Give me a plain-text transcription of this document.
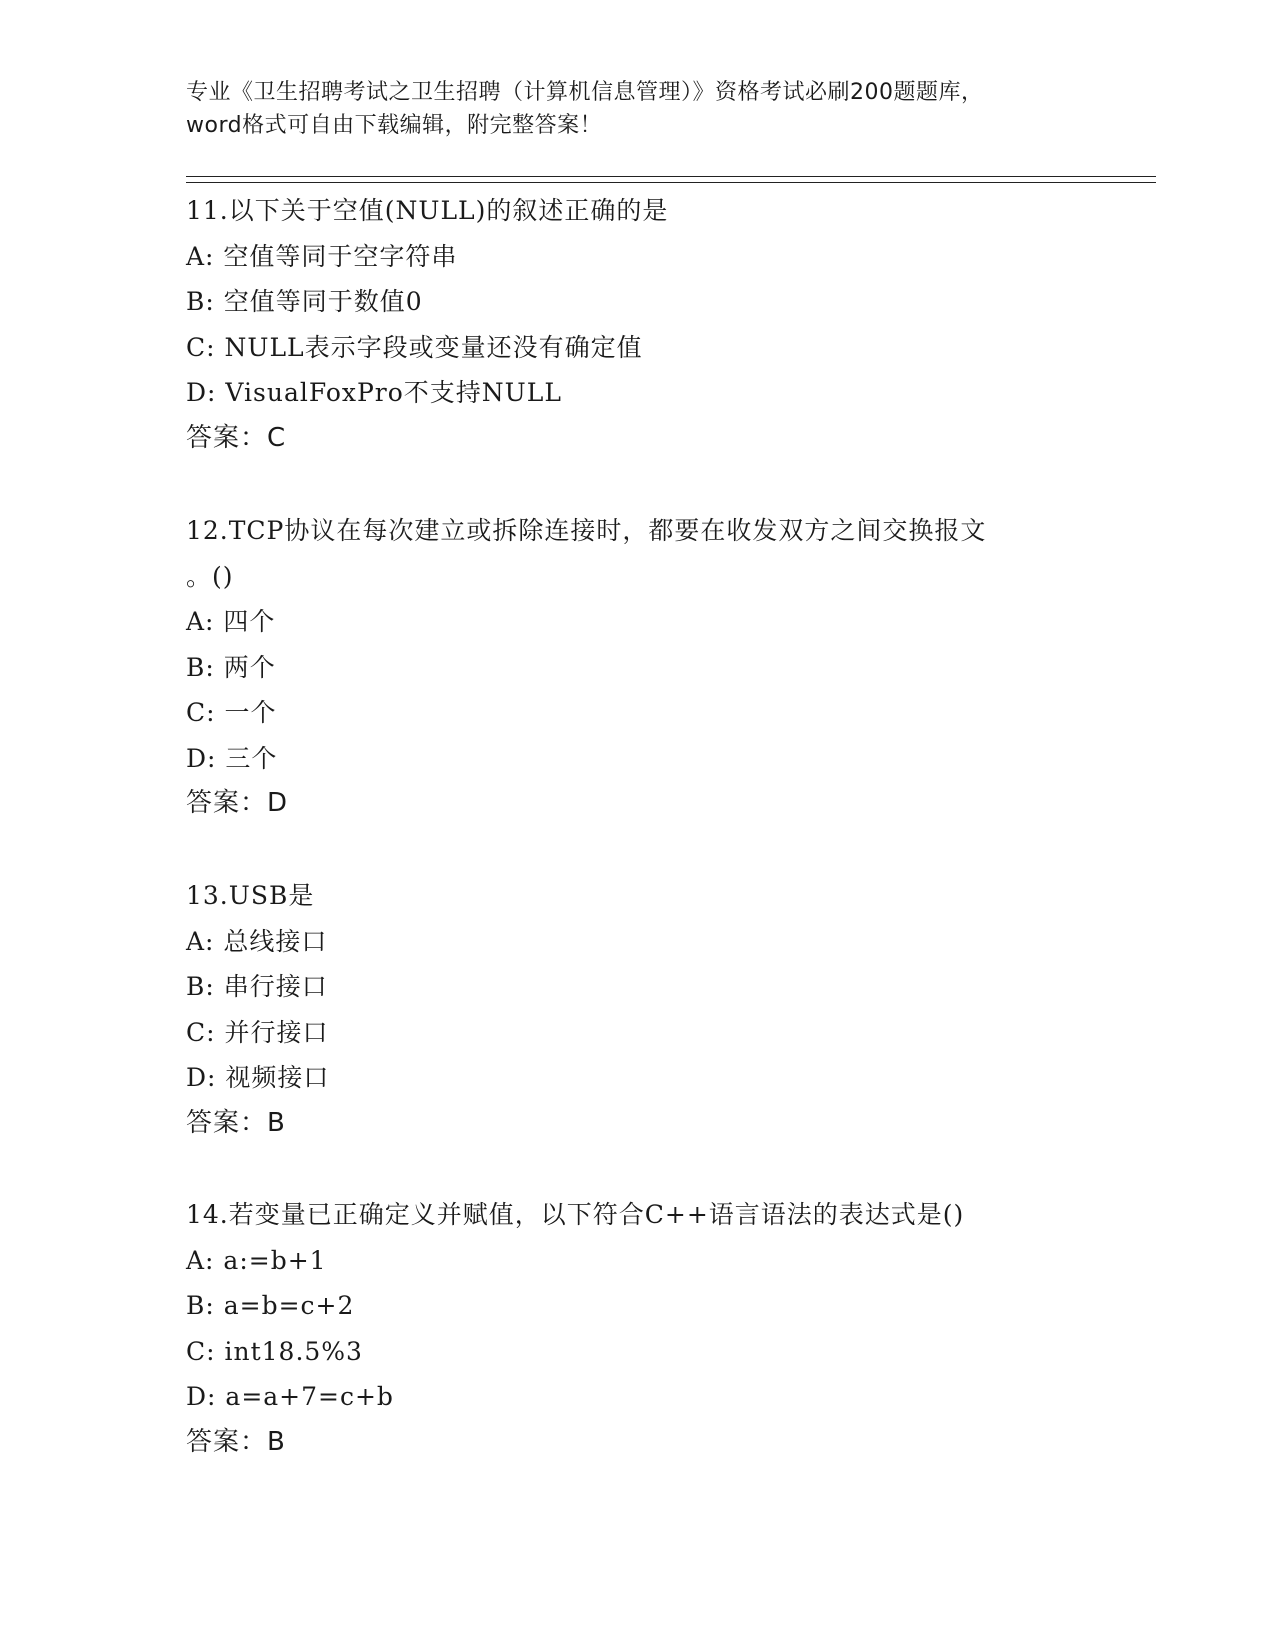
专业《卫生招聘考试之卫生招聘（计算机信息管理）》资格考试必刷200题题库，
word格式可自由下载编辑，附完整答案！
11.以下关于空值(NULL)的叙述正确的是
A: 空值等同于空字符串
B: 空值等同于数值0
C: NULL表示字段或变量还没有确定值
D: VisualFoxPro不支持NULL
答案：C
12.TCP协议在每次建立或拆除连接时，都要在收发双方之间交换报文
。()
A: 四个
B: 两个
C: 一个
D: 三个
答案：D
13.USB是
A: 总线接口
B: 串行接口
C: 并行接口
D: 视频接口
答案：B
14.若变量已正确定义并赋值，以下符合C++语言语法的表达式是()
A: a:=b+1
B: a=b=c+2
C: int18.5%3
D: a=a+7=c+b
答案：B
